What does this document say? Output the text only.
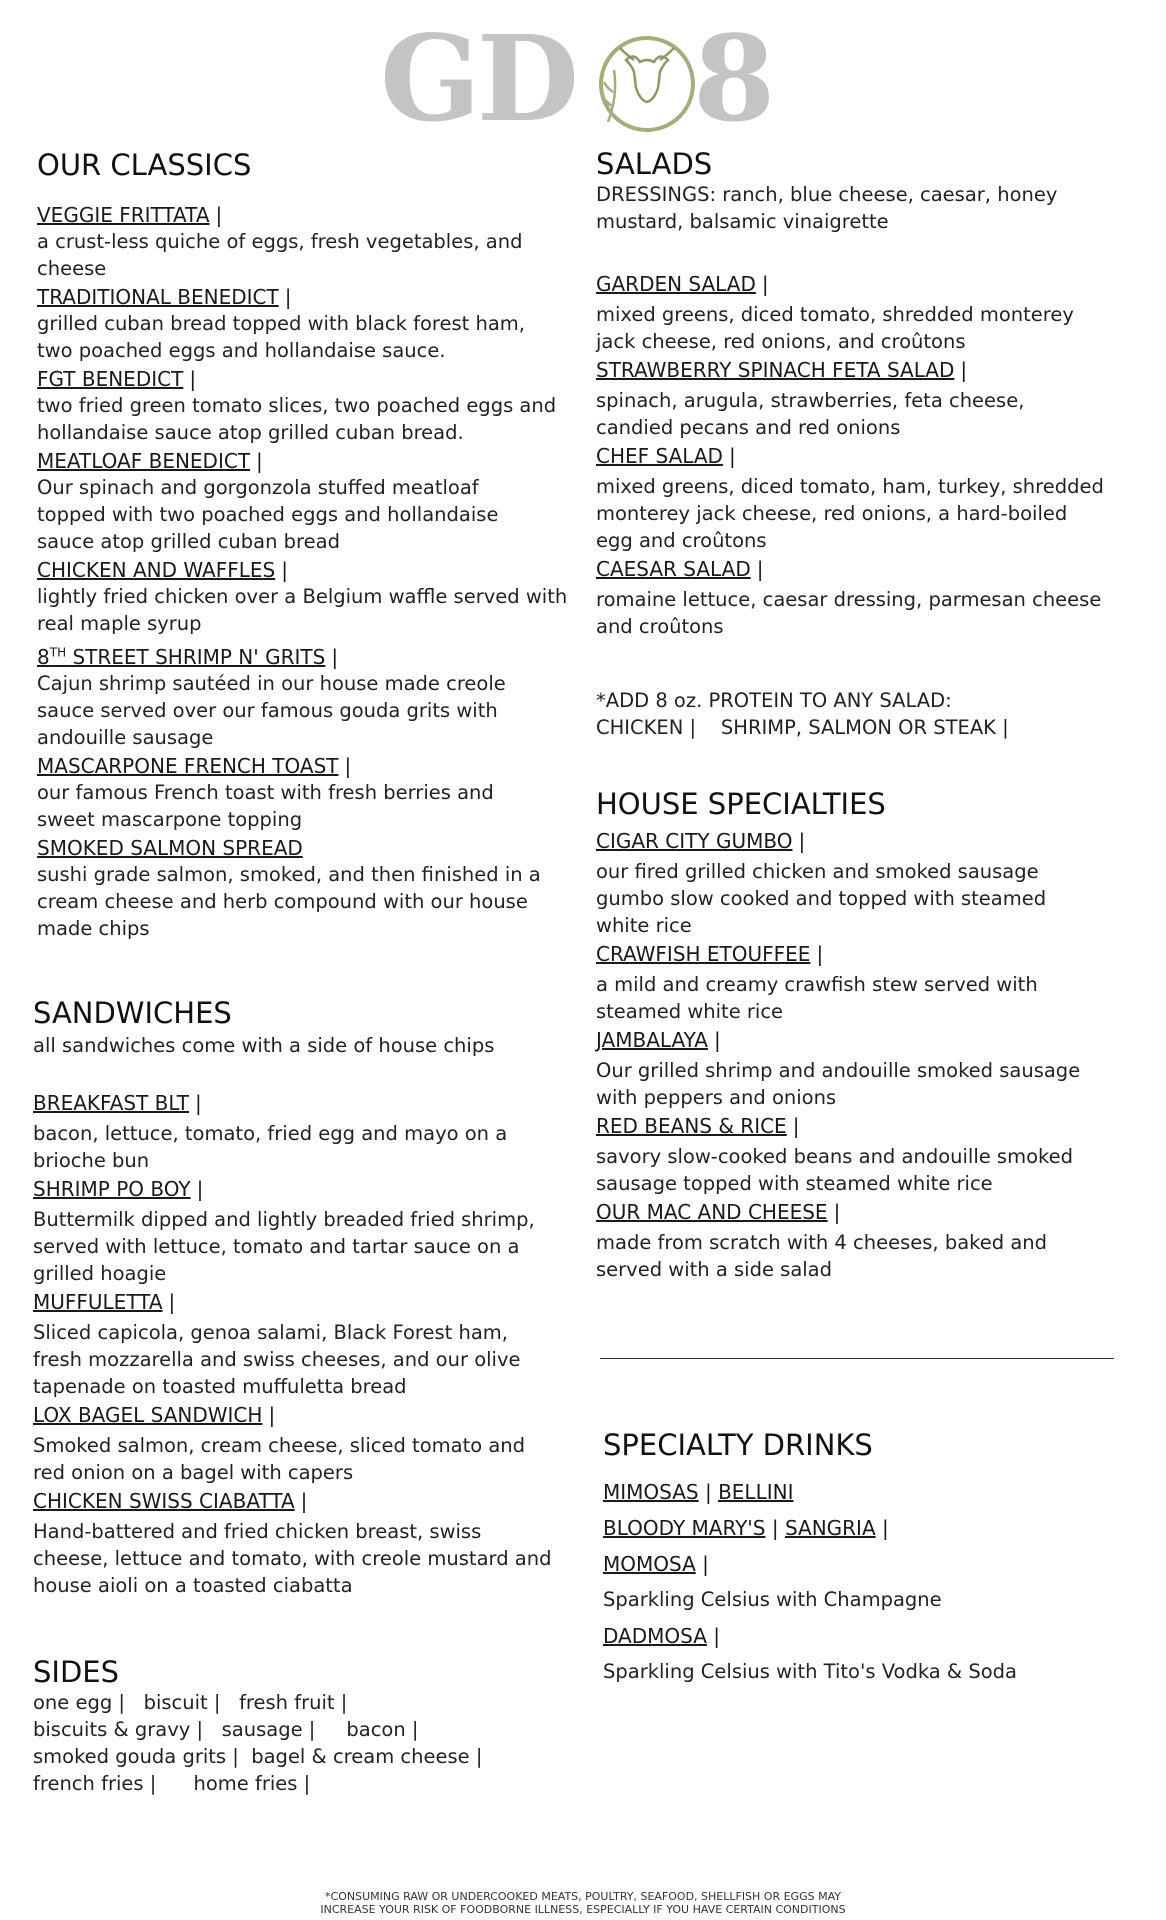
GD 8
OUR CLASSICS
VEGGIE FRITTATA |
a crust-less quiche of eggs, fresh vegetables, and
cheese
TRADITIONAL BENEDICT |
grilled cuban bread topped with black forest ham,
two poached eggs and hollandaise sauce.
FGT BENEDICT |
two fried green tomato slices, two poached eggs and
hollandaise sauce atop grilled cuban bread.
MEATLOAF BENEDICT |
Our spinach and gorgonzola stuffed meatloaf
topped with two poached eggs and hollandaise
sauce atop grilled cuban bread
CHICKEN AND WAFFLES |
lightly fried chicken over a Belgium waffle served with
real maple syrup
8TH STREET SHRIMP N' GRITS |
Cajun shrimp sautéed in our house made creole
sauce served over our famous gouda grits with
andouille sausage
MASCARPONE FRENCH TOAST |
our famous French toast with fresh berries and
sweet mascarpone topping
SMOKED SALMON SPREAD
sushi grade salmon, smoked, and then finished in a
cream cheese and herb compound with our house
made chips
SANDWICHES
all sandwiches come with a side of house chips
BREAKFAST BLT |
bacon, lettuce, tomato, fried egg and mayo on a
brioche bun
SHRIMP PO BOY |
Buttermilk dipped and lightly breaded fried shrimp,
served with lettuce, tomato and tartar sauce on a
grilled hoagie
MUFFULETTA |
Sliced capicola, genoa salami, Black Forest ham,
fresh mozzarella and swiss cheeses, and our olive
tapenade on toasted muffuletta bread
LOX BAGEL SANDWICH |
Smoked salmon, cream cheese, sliced tomato and
red onion on a bagel with capers
CHICKEN SWISS CIABATTA |
Hand-battered and fried chicken breast, swiss
cheese, lettuce and tomato, with creole mustard and
house aioli on a toasted ciabatta
SIDES
one egg |   biscuit |   fresh fruit |
biscuits & gravy |   sausage |     bacon |
smoked gouda grits |  bagel & cream cheese |
french fries |      home fries |
SALADS
DRESSINGS: ranch, blue cheese, caesar, honey
mustard, balsamic vinaigrette
GARDEN SALAD |
mixed greens, diced tomato, shredded monterey
jack cheese, red onions, and croûtons
STRAWBERRY SPINACH FETA SALAD |
spinach, arugula, strawberries, feta cheese,
candied pecans and red onions
CHEF SALAD |
mixed greens, diced tomato, ham, turkey, shredded
monterey jack cheese, red onions, a hard-boiled
egg and croûtons
CAESAR SALAD |
romaine lettuce, caesar dressing, parmesan cheese
and croûtons
*ADD 8 oz. PROTEIN TO ANY SALAD:
CHICKEN |    SHRIMP, SALMON OR STEAK |
HOUSE SPECIALTIES
CIGAR CITY GUMBO |
our fired grilled chicken and smoked sausage
gumbo slow cooked and topped with steamed
white rice
CRAWFISH ETOUFFEE |
a mild and creamy crawfish stew served with
steamed white rice
JAMBALAYA |
Our grilled shrimp and andouille smoked sausage
with peppers and onions
RED BEANS & RICE |
savory slow-cooked beans and andouille smoked
sausage topped with steamed white rice
OUR MAC AND CHEESE |
made from scratch with 4 cheeses, baked and
served with a side salad
SPECIALTY DRINKS
MIMOSAS | BELLINI
BLOODY MARY'S | SANGRIA |
MOMOSA |
Sparkling Celsius with Champagne
DADMOSA |
Sparkling Celsius with Tito's Vodka & Soda
*CONSUMING RAW OR UNDERCOOKED MEATS, POULTRY, SEAFOOD, SHELLFISH OR EGGS MAY
INCREASE YOUR RISK OF FOODBORNE ILLNESS, ESPECIALLY IF YOU HAVE CERTAIN CONDITIONS
